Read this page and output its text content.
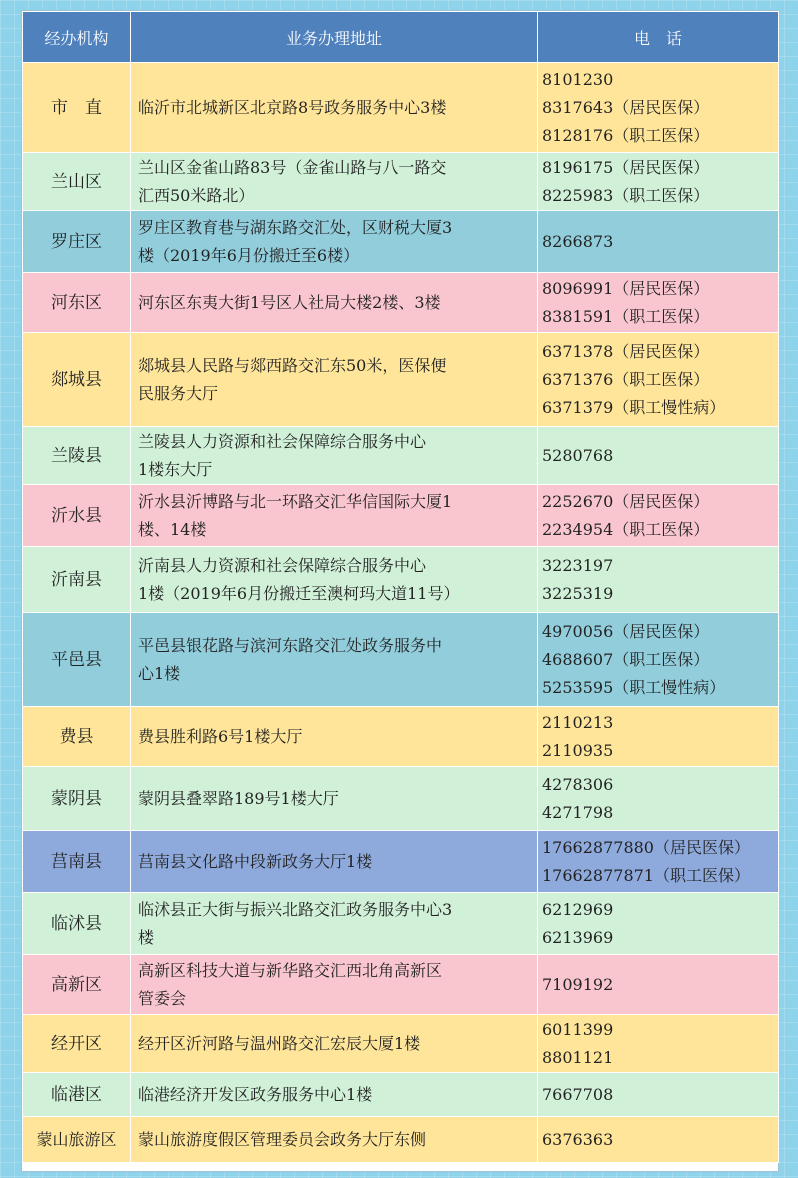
经办机构	业务办理地址	电　话
市　直	临沂市北城新区北京路8号政务服务中心3楼	8101230
8317643（居民医保）
8128176（职工医保）

兰山区	兰山区金雀山路83号（金雀山路与八一路交
汇西50米路北）	8196175（居民医保）
8225983（职工医保）

罗庄区	罗庄区教育巷与湖东路交汇处，区财税大厦3
楼（2019年6月份搬迁至6楼）	8266873

河东区	河东区东夷大街1号区人社局大楼2楼、3楼	8096991（居民医保）
8381591（职工医保）

郯城县	郯城县人民路与郯西路交汇东50米，医保便
民服务大厅	6371378（居民医保）
6371376（职工医保）
6371379（职工慢性病）

兰陵县	兰陵县人力资源和社会保障综合服务中心
1楼东大厅	5280768

沂水县	沂水县沂博路与北一环路交汇华信国际大厦1
楼、14楼	2252670（居民医保）
2234954（职工医保）

沂南县	沂南县人力资源和社会保障综合服务中心
1楼（2019年6月份搬迁至澳柯玛大道11号）	3223197
3225319

平邑县	平邑县银花路与滨河东路交汇处政务服务中
心1楼	4970056（居民医保）
4688607（职工医保）
5253595（职工慢性病）

费县	费县胜利路6号1楼大厅	2110213
2110935

蒙阴县	蒙阴县叠翠路189号1楼大厅	4278306
4271798

莒南县	莒南县文化路中段新政务大厅1楼	17662877880（居民医保）
17662877871（职工医保）

临沭县	临沭县正大街与振兴北路交汇政务服务中心3
楼	6212969
6213969

高新区	高新区科技大道与新华路交汇西北角高新区
管委会	7109192

经开区	经开区沂河路与温州路交汇宏辰大厦1楼	6011399
8801121

临港区	临港经济开发区政务服务中心1楼	7667708

蒙山旅游区	蒙山旅游度假区管理委员会政务大厅东侧	6376363
